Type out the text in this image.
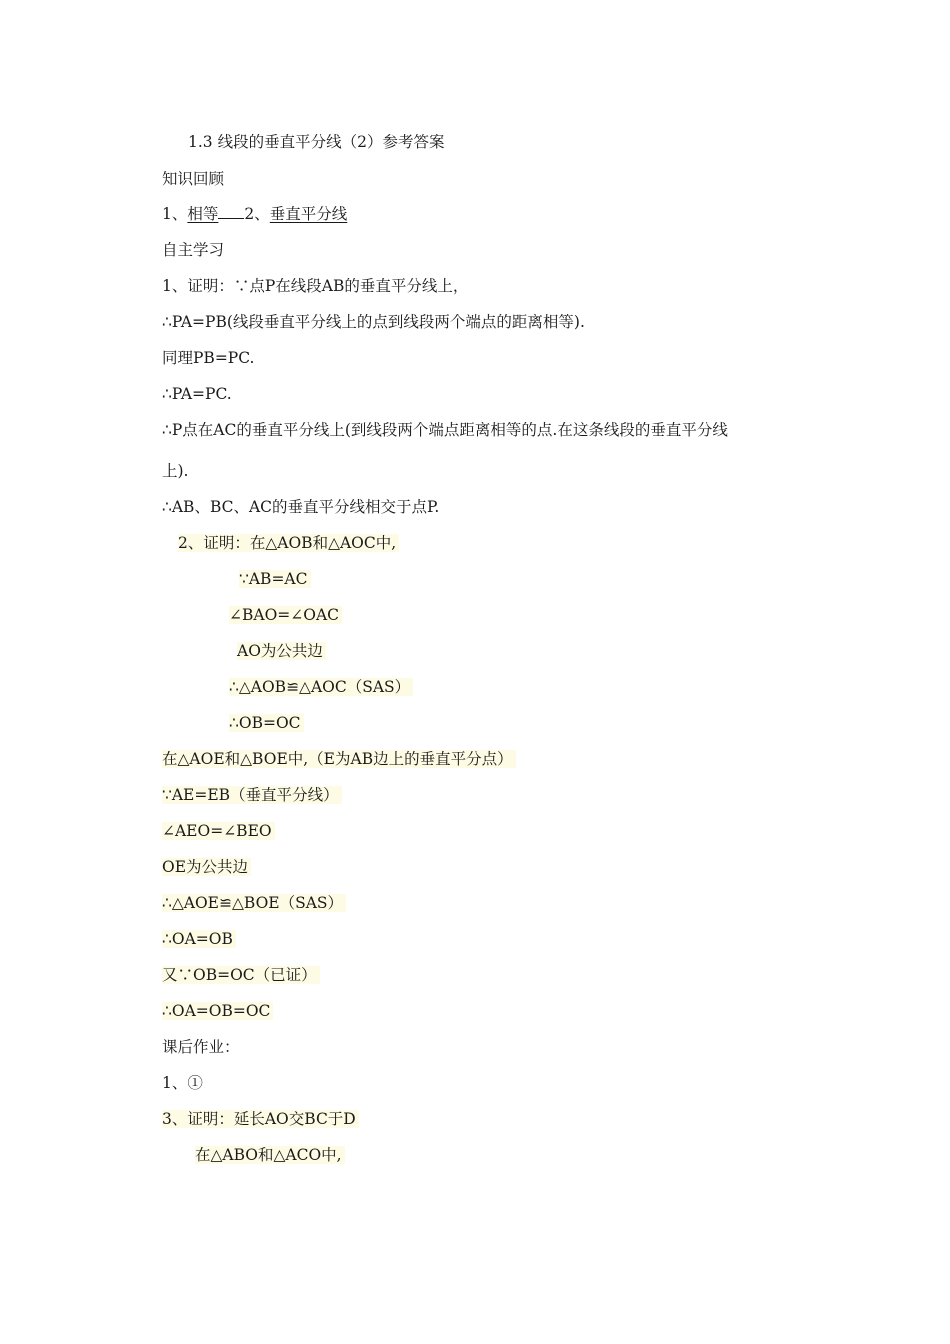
1.3 线段的垂直平分线（2）参考答案
知识回顾
1、相等 2、垂直平分线
自主学习
1、证明：∵点P在线段AB的垂直平分线上，
∴PA=PB(线段垂直平分线上的点到线段两个端点的距离相等).
同理PB=PC.
∴PA=PC.
∴P点在AC的垂直平分线上(到线段两个端点距离相等的点.在这条线段的垂直平分线
上).
∴AB、BC、AC的垂直平分线相交于点P.
2、证明：在△AOB和△AOC中,
∵AB=AC
∠BAO=∠OAC
AO为公共边
∴△AOB≌△AOC（SAS）
∴OB=OC
在△AOE和△BOE中,（E为AB边上的垂直平分点）
∵AE=EB（垂直平分线）
∠AEO=∠BEO
OE为公共边
∴△AOE≌△BOE（SAS）
∴OA=OB
又∵OB=OC（已证）
∴OA=OB=OC
课后作业：
1、①
3、证明：延长AO交BC于D
在△ABO和△ACO中,
